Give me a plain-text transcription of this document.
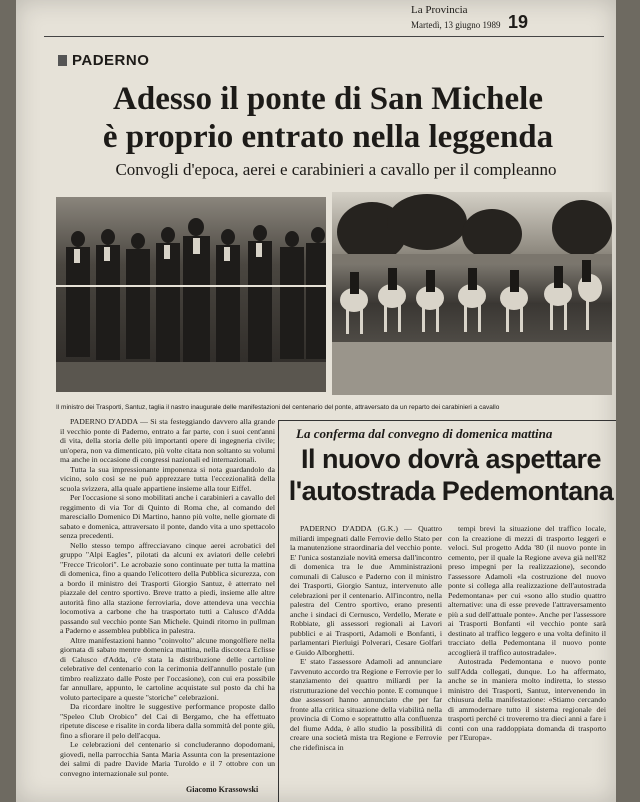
La Provincia
Martedì, 13 giugno 1989 19
PADERNO
Adesso il ponte di San Michele
è proprio entrato nella leggenda
Convogli d'epoca, aerei e carabinieri a cavallo per il compleanno
Il ministro dei Trasporti, Santuz, taglia il nastro inaugurale delle manifestazioni del centenario del ponte, attraversato da un reparto dei carabinieri a cavallo

PADERNO D'ADDA — Si sta festeggiando davvero alla grande il vecchio ponte di Paderno, entrato a far parte, con i suoi cent'anni di vita, della storia delle più importanti opere di ingegneria civile; un'opera, non va dimenticato, più volte citata non soltanto su volumi ma anche in occasione di congressi nazionali ed internazionali.

Tutta la sua impressionante imponenza si nota guardandolo da vicino, solo così se ne può apprezzare tutta l'eccezionalità della scuola svizzera, alla quale appartiene insieme alla tour Eiffel.

Per l'occasione si sono mobilitati anche i carabinieri a cavallo del reggimento di via Tor di Quinto di Roma che, al comando del maresciallo Domenico Di Martino, hanno più volte, nelle giornate di sabato e domenica, attraversato il ponte, dando vita a uno spettacolo senza precedenti.

Nello stesso tempo affrecciavano cinque aerei acrobatici del gruppo "Alpi Eagles", pilotati da alcuni ex aviatori delle celebri "Frecce Tricolori". Le acrobazie sono continuate per tutta la mattina di domenica, fino a quando l'elicottero della Pubblica sicurezza, con a bordo il ministro dei Trasporti Giorgio Santuz, è atterrato nel piazzale del centro sportivo. Breve tratto a piedi, insieme alle altre autorità fino alla stazione ferroviaria, dove attendeva una vecchia locomotiva a carbone che ha trasportato tutti a Calusco d'Adda passando sul vecchio ponte San Michele. Quindi ritorno in pullman a Paderno e assemblea pubblica in palestra.

Altre manifestazioni hanno "coinvolto" alcune mongolfiere nella giornata di sabato mentre domenica mattina, nella discoteca Eclisse di Calusco d'Adda, c'è stata la distribuzione delle cartoline celebrative del centenario con la cerimonia dell'annullo postale (un timbro realizzato dalle Poste per l'occasione), con cui era possibile far annullare, appunto, le cartoline acquistate sul posto da chi ha voluto partecipare a queste "storiche" celebrazioni.

Da ricordare inoltre le suggestive performance proposte dallo "Speleo Club Orobico" del Cai di Bergamo, che ha effettuato ripetute discese e risalite in corda libera dalla sommità del ponte giù, fino a sfiorare il pelo dell'acqua.

Le celebrazioni del centenario si concluderanno dopodomani, giovedì, nella parrocchia Santa Maria Assunta con la presentazione dei salmi di padre Davide Maria Turoldo e il 7 ottobre con un convegno internazionale sul ponte.

Giacomo Krassowski
La conferma dal convegno di domenica mattina
Il nuovo dovrà aspettare
l'autostrada Pedemontana

PADERNO D'ADDA (G.K.) — Quattro miliardi impegnati dalle Ferrovie dello Stato per la manutenzione straordinaria del vecchio ponte. E' l'unica sostanziale novità emersa dall'incontro di domenica tra le due Amministrazioni comunali di Calusco e Paderno con il ministro dei Trasporti, Giorgio Santuz, intervenuto alle celebrazioni per il centenario. All'incontro, nella palestra del Centro sportivo, erano presenti anche i sindaci di Cernusco, Verdello, Merate e Robbiate, gli assessori regionali ai Lavori pubblici e ai Trasporti, Adamoli e Bonfanti, i parlamentari Pierluigi Polverari, Cesare Golfari e Guido Alborghetti.

E' stato l'assessore Adamoli ad annunciare l'avvenuto accordo tra Regione e Ferrovie per lo stanziamento dei quattro miliardi per la ristrutturazione del vecchio ponte. E comunque i due assessori hanno annunciato che per far fronte alla critica situazione della viabilità nella provincia di Como e soprattutto alla confluenza del fiume Adda, è allo studio la possibilità di creare una società mista tra Regione e Ferrovie che ridefinisca in

tempi brevi la situazione del traffico locale, con la creazione di mezzi di trasporto leggeri e veloci. Sul progetto Adda '80 (il nuovo ponte in cemento, per il quale la Regione aveva già nell'82 preso impegni per la realizzazione), secondo l'assessore Adamoli «la costruzione del nuovo ponte si collega alla realizzazione dell'autostrada Pedemontana» per cui «sono allo studio quattro alternative: una di esse prevede l'attraversamento più a sud dell'attuale ponte». Anche per l'assessore ai Trasporti Bonfanti «il vecchio ponte sarà destinato al traffico leggero e una volta definito il tracciato della Pedemontana il nuovo ponte accoglierà il traffico autostradale».

Autostrada Pedemontana e nuovo ponte sull'Adda collegati, dunque. Lo ha affermato, anche se in maniera molto indiretta, lo stesso ministro dei Trasporti, Santuz, intervenendo in chiusura della manifestazione: «Stiamo cercando di ammodernare tutto il sistema regionale dei trasporti perché ci troveremo tra dieci anni a fare i conti con una raddoppiata domanda di trasporto per l'Europa».
